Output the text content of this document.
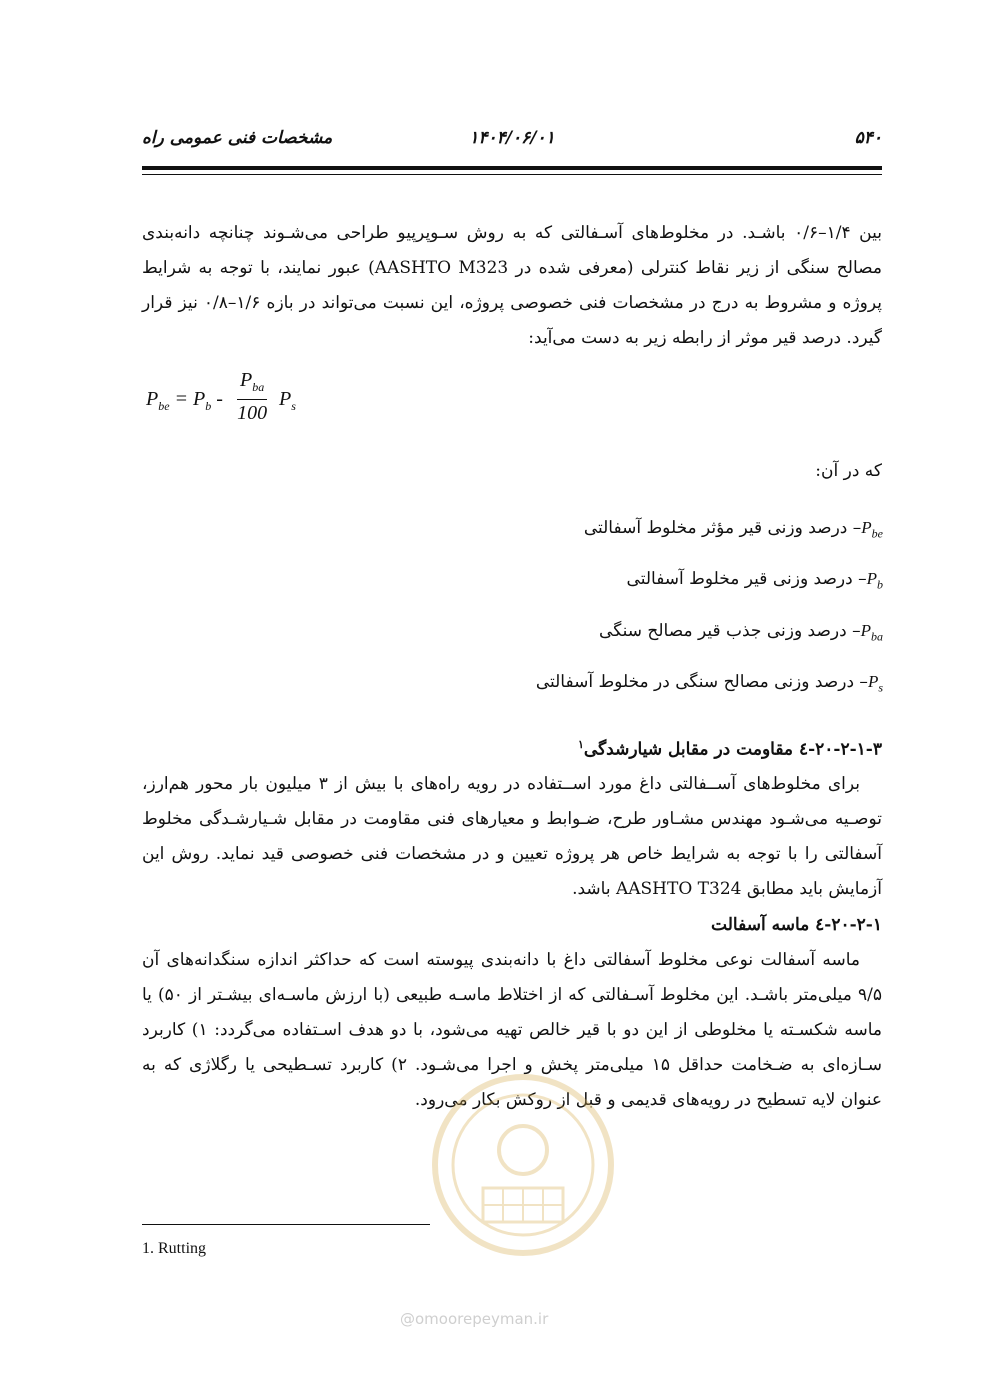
۵۴۰
۱۴۰۴/۰۶/۰۱
مشخصات فنی عمومی راه

بین ۱/۴–۰/۶ باشـد. در مخلوط‌های آسـفالتی که به روش سـوپرپیو طراحی می‌شـوند چنانچه دانه‌بندی مصالح سنگی از زیر نقاط کنترلی (معرفی شده در AASHTO M323) عبور نمایند، با توجه به شرایط پروژه و مشروط به درج در مشخصات فنی خصوصی پروژه، این نسبت می‌تواند در بازه ۱/۶–۰/۸ نیز قرار گیرد. درصد قیر موثر از رابطه زیر به دست می‌آید:

$P_{be} = P_b$ -
$P_{ba}$
100
$P_s$

که در آن:

$P_{be}-$ درصد وزنی قیر مؤثر مخلوط آسفالتی
$P_b-$ درصد وزنی قیر مخلوط آسفالتی
$P_{ba}-$ درصد وزنی جذب قیر مصالح سنگی
$P_s-$ درصد وزنی مصالح سنگی در مخلوط آسفالتی
۲۰-۲-۱-۳-٤ مقاومت در مقابل شیارشدگی$^۱$

برای مخلوط‌های آســفالتی داغ مورد اســتفاده در رویه راه‌های با بیش از ۳ میلیون بار محور هم‌ارز، توصـیه می‌شـود مهندس مشـاور طرح، ضـوابط و معیارهای فنی مقاومت در مقابل شـیارشـدگی مخلوط آسفالتی را با توجه به شرایط خاص هر پروژه تعیین و در مشخصات فنی خصوصی قید نماید. روش این آزمایش باید مطابق AASHTO T324 باشد.

۲۰-۲-۱-٤ ماسه آسفالت

ماسه آسفالت نوعی مخلوط آسفالتی داغ با دانه‌بندی پیوسته است که حداکثر اندازه سنگدانه‌های آن ۹/۵ میلی‌متر باشـد. این مخلوط آسـفالتی که از اختلاط ماسـه طبیعی (با ارزش ماسـه‌ای بیشـتر از ۵۰) یا ماسه شکسـته یا مخلوطی از این دو با قیر خالص تهیه می‌شود، با دو هدف اسـتفاده می‌گردد: ۱) کاربرد سـازه‌ای به ضـخامت حداقل ۱۵ میلی‌متر پخش و اجرا می‌شـود. ۲) کاربرد تسـطیحی یا رگلاژی که به عنوان لایه تسطیح در رویه‌های قدیمی و قبل از روکش بکار می‌رود.

@omoorepeyman.ir
1. Rutting
